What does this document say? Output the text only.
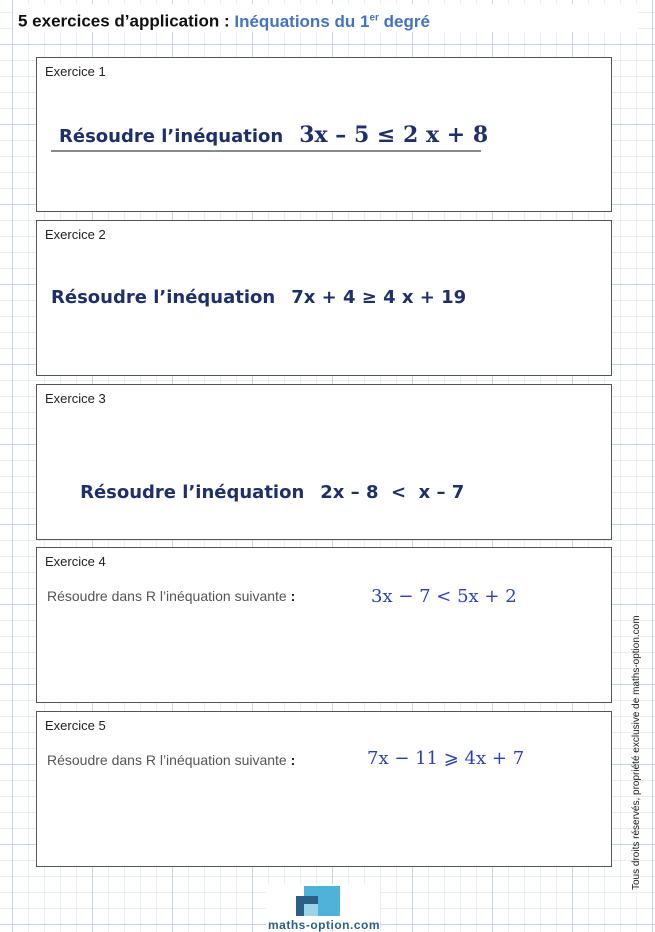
5 exercices d’application : Inéquations du 1er degré
Exercice 1
Résoudre l’inéquation 3x – 5 ≤ 2 x + 8
Exercice 2
Résoudre l’inéquation 7x + 4 ≥ 4 x + 19
Exercice 3

Résoudre l’inéquation 2x – 8  <  x – 7

Exercice 4
Résoudre dans R l’inéquation suivante :	3x − 7 < 5x + 2
Exercice 5
Résoudre dans R l’inéquation suivante :	7x − 11 ⩾ 4x + 7	Tous droits réservés, propriété exclusive de maths-option.com
maths-option.com
